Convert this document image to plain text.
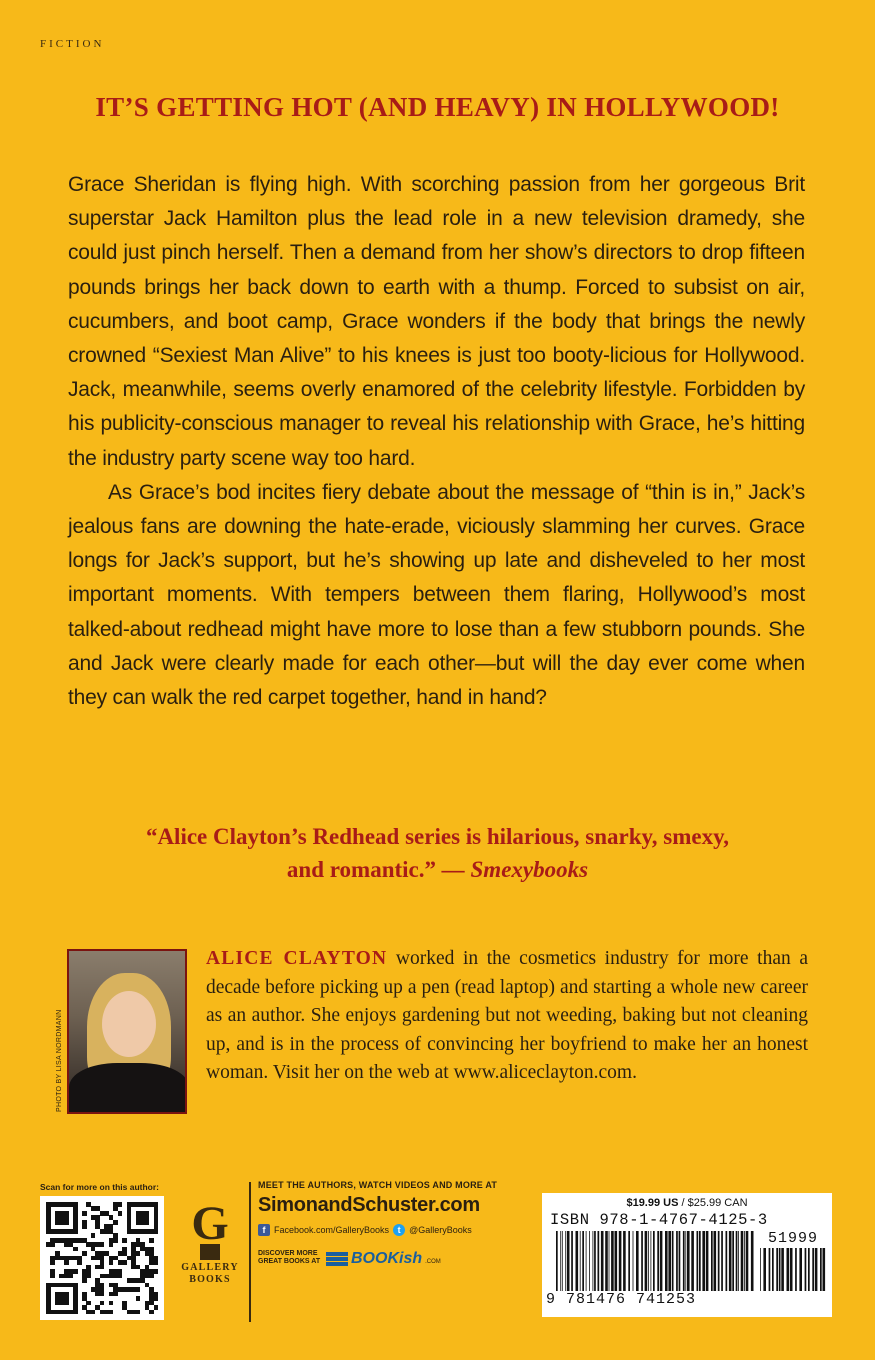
FICTION
IT’S GETTING HOT (AND HEAVY) IN HOLLYWOOD!

Grace Sheridan is flying high. With scorching passion from her gorgeous Brit superstar Jack Hamilton plus the lead role in a new television dramedy, she could just pinch herself. Then a demand from her show’s directors to drop fifteen pounds brings her back down to earth with a thump. Forced to subsist on air, cucumbers, and boot camp, Grace wonders if the body that brings the newly crowned “Sexiest Man Alive” to his knees is just too booty-licious for Hollywood. Jack, meanwhile, seems overly enamored of the celebrity lifestyle. Forbidden by his publicity-conscious manager to reveal his relationship with Grace, he’s hitting the industry party scene way too hard.

As Grace’s bod incites fiery debate about the message of “thin is in,” Jack’s jealous fans are downing the hate-erade, viciously slamming her curves. Grace longs for Jack’s support, but he’s showing up late and disheveled to her most important moments. With tempers between them flaring, Hollywood’s most talked-about redhead might have more to lose than a few stubborn pounds. She and Jack were clearly made for each other—but will the day ever come when they can walk the red carpet together, hand in hand?

“Alice Clayton’s Redhead series is hilarious, snarky, smexy,
and romantic.” — Smexybooks
PHOTO BY LISA NORDMANN
ALICE CLAYTON worked in the cosmetics industry for more than a decade before picking up a pen (read laptop) and starting a whole new career as an author. She enjoys gardening but not weeding, baking but not cleaning up, and is in the process of convincing her boyfriend to make her an honest woman. Visit her on the web at www.aliceclayton.com.
Scan for more on this author:
G
GALLERY
BOOKS
MEET THE AUTHORS, WATCH VIDEOS AND MORE AT
SimonandSchuster.com
f Facebook.com/GalleryBooks t @GalleryBooks
DISCOVER MORE
GREAT BOOKS AT	BOOKish .COM
$19.99 US / $25.99 CAN
ISBN 978-1-4767-4125-3
51999
9 781476 741253
